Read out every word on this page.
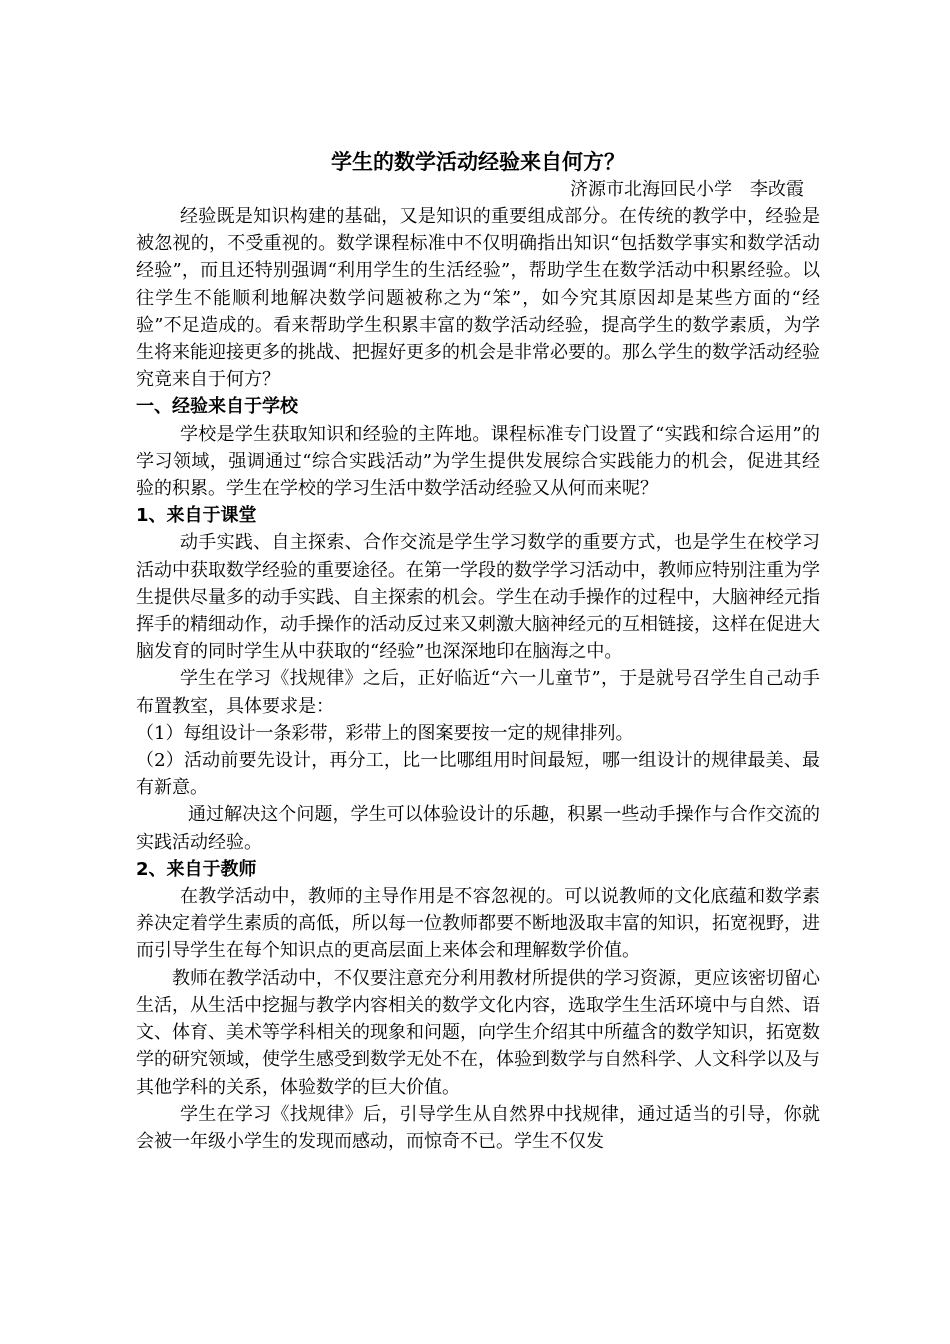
学生的数学活动经验来自何方？

济源市北海回民小学　李改霞

经验既是知识构建的基础，又是知识的重要组成部分。在传统的教学中，经验是被忽视的，不受重视的。数学课程标准中不仅明确指出知识“包括数学事实和数学活动经验”，而且还特别强调“利用学生的生活经验”，帮助学生在数学活动中积累经验。以往学生不能顺利地解决数学问题被称之为“笨”，如今究其原因却是某些方面的“经验”不足造成的。看来帮助学生积累丰富的数学活动经验，提高学生的数学素质，为学生将来能迎接更多的挑战、把握好更多的机会是非常必要的。那么学生的数学活动经验究竟来自于何方？

一、经验来自于学校

学校是学生获取知识和经验的主阵地。课程标准专门设置了“实践和综合运用”的学习领域，强调通过“综合实践活动”为学生提供发展综合实践能力的机会，促进其经验的积累。学生在学校的学习生活中数学活动经验又从何而来呢？

1、来自于课堂

动手实践、自主探索、合作交流是学生学习数学的重要方式，也是学生在校学习活动中获取数学经验的重要途径。在第一学段的数学学习活动中，教师应特别注重为学生提供尽量多的动手实践、自主探索的机会。学生在动手操作的过程中，大脑神经元指挥手的精细动作，动手操作的活动反过来又刺激大脑神经元的互相链接，这样在促进大脑发育的同时学生从中获取的“经验”也深深地印在脑海之中。

学生在学习《找规律》之后，正好临近“六一儿童节”，于是就号召学生自己动手布置教室，具体要求是：

（1）每组设计一条彩带，彩带上的图案要按一定的规律排列。

（2）活动前要先设计，再分工，比一比哪组用时间最短，哪一组设计的规律最美、最有新意。

通过解决这个问题，学生可以体验设计的乐趣，积累一些动手操作与合作交流的实践活动经验。

2、来自于教师

在教学活动中，教师的主导作用是不容忽视的。可以说教师的文化底蕴和数学素养决定着学生素质的高低，所以每一位教师都要不断地汲取丰富的知识，拓宽视野，进而引导学生在每个知识点的更高层面上来体会和理解数学价值。

教师在教学活动中，不仅要注意充分利用教材所提供的学习资源，更应该密切留心生活，从生活中挖掘与教学内容相关的数学文化内容，选取学生生活环境中与自然、语文、体育、美术等学科相关的现象和问题，向学生介绍其中所蕴含的数学知识，拓宽数学的研究领域，使学生感受到数学无处不在，体验到数学与自然科学、人文科学以及与其他学科的关系，体验数学的巨大价值。

学生在学习《找规律》后，引导学生从自然界中找规律，通过适当的引导，你就会被一年级小学生的发现而感动，而惊奇不已。学生不仅发
